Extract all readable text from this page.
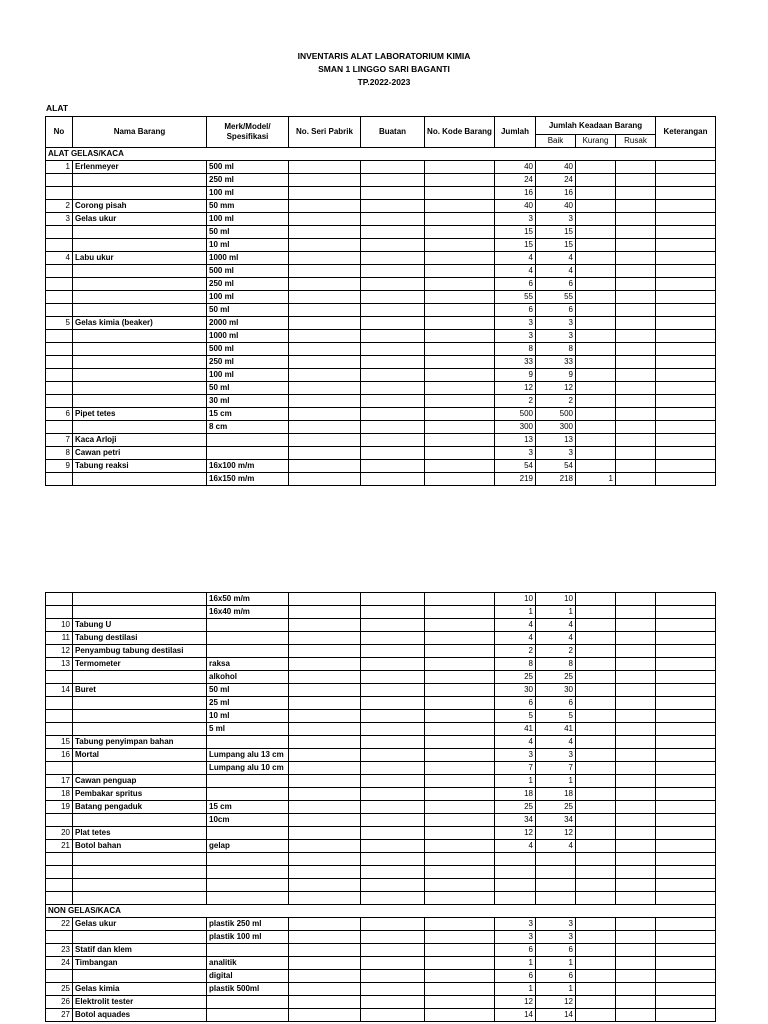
INVENTARIS ALAT LABORATORIUM KIMIA
SMAN 1 LINGGO SARI BAGANTI
TP.2022-2023
ALAT
No	Nama Barang	Merk/Model/ Spesifikasi	No. Seri Pabrik	Buatan	No. Kode Barang	Jumlah	Jumlah Keadaan Barang			Keterangan
							Baik	Kurang	Rusak	
ALAT GELAS/KACA										
1	Erlenmeyer	500 ml				40	40			
		250 ml				24	24			
		100 ml				16	16			
2	Corong pisah	50 mm				40	40			
3	Gelas ukur	100 ml				3	3			
		50 ml				15	15			
		10 ml				15	15			
4	Labu ukur	1000 ml				4	4			
		500 ml				4	4			
		250 ml				6	6			
		100 ml				55	55			
		50 ml				6	6			
5	Gelas kimia (beaker)	2000 ml				3	3			
		1000 ml				3	3			
		500 ml				8	8			
		250 ml				33	33			
		100 ml				9	9			
		50 ml				12	12			
		30 ml				2	2			
6	Pipet tetes	15 cm				500	500			
		8 cm				300	300			
7	Kaca Arloji					13	13			
8	Cawan petri					3	3			
9	Tabung reaksi	16x100 m/m				54	54			
		16x150 m/m				219	218	1		
		16x50 m/m				10	10			
		16x40 m/m				1	1			
10	Tabung U					4	4			
11	Tabung destilasi					4	4			
12	Penyambug tabung destilasi					2	2			
13	Termometer	raksa				8	8			
		alkohol				25	25			
14	Buret	50 ml				30	30			
		25 ml				6	6			
		10 ml				5	5			
		5 ml				41	41			
15	Tabung penyimpan bahan					4	4			
16	Mortal	Lumpang alu 13 cm				3	3			
		Lumpang alu 10 cm				7	7			
17	Cawan penguap					1	1			
18	Pembakar spritus					18	18			
19	Batang pengaduk	15 cm				25	25			
		10cm				34	34			
20	Plat tetes					12	12			
21	Botol bahan	gelap				4	4			

NON GELAS/KACA										
22	Gelas ukur	plastik 250 ml				3	3			
		plastik 100 ml				3	3			
23	Statif dan klem					6	6			
24	Timbangan	analitik				1	1			
		digital				6	6			
25	Gelas kimia	plastik 500ml				1	1			
26	Elektrolit tester					12	12			
27	Botol aquades					14	14			
